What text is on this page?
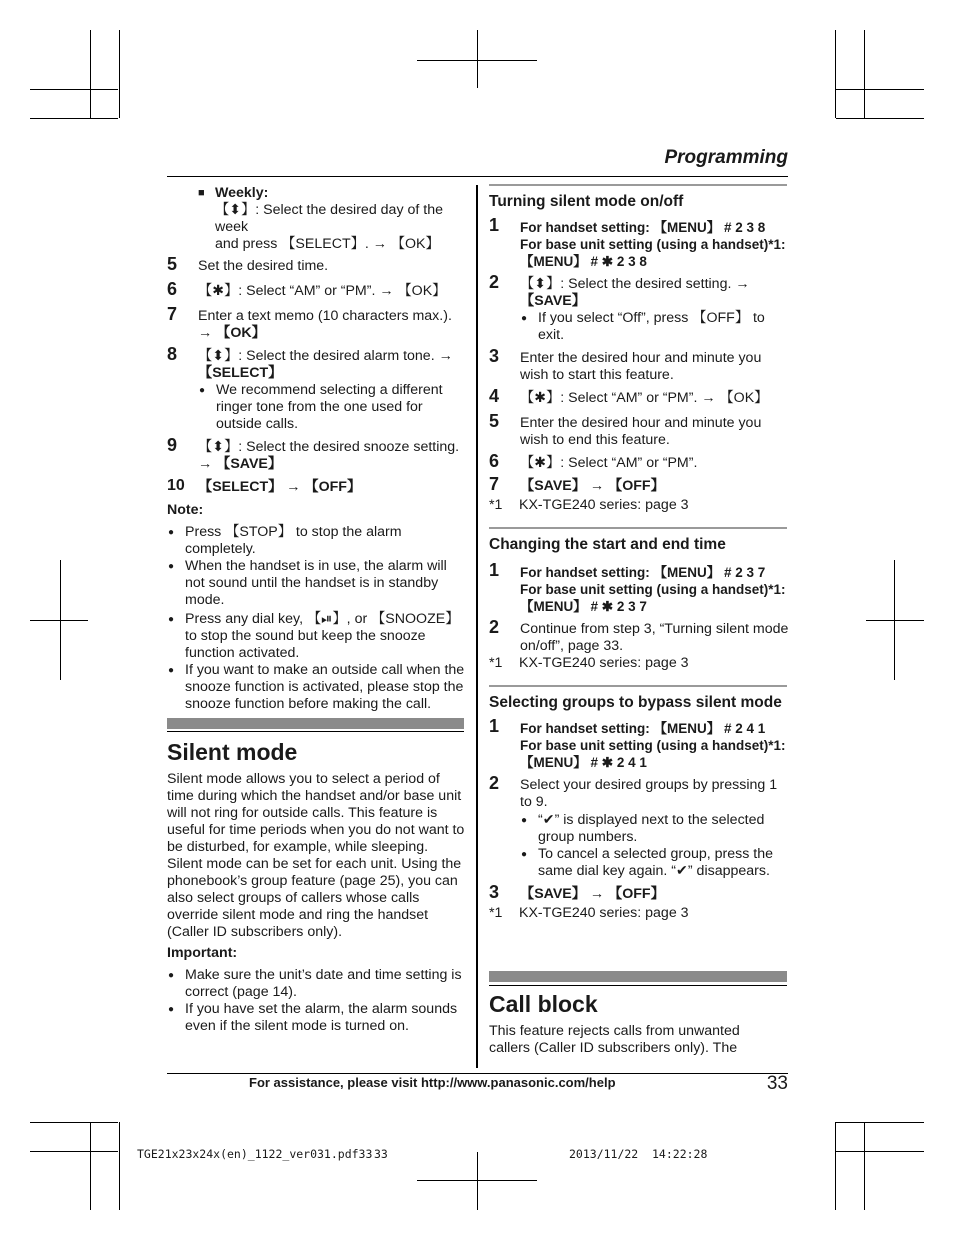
Programming
■ Weekly:
【⬍】: Select the desired day of the week
and press 【SELECT】. → 【OK】
5 Set the desired time.
6 【✱】: Select “AM” or “PM”. → 【OK】
7 Enter a text memo (10 characters max.).
→ 【OK】
8 【⬍】: Select the desired alarm tone. →
【SELECT】
● We recommend selecting a different ringer tone from the one used for outside calls.
9 【⬍】: Select the desired snooze setting.
→ 【SAVE】
10 【SELECT】 → 【OFF】
Note:
● Press 【STOP】 to stop the alarm completely.
● When the handset is in use, the alarm will not sound until the handset is in standby mode.
● Press any dial key, 【⏯】, or 【SNOOZE】 to stop the sound but keep the snooze function activated.
● If you want to make an outside call when the snooze function is activated, please stop the snooze function before making the call.
Silent mode
Silent mode allows you to select a period of time during which the handset and/or base unit will not ring for outside calls. This feature is useful for time periods when you do not want to be disturbed, for example, while sleeping. Silent mode can be set for each unit. Using the phonebook’s group feature (page 25), you can also select groups of callers whose calls override silent mode and ring the handset (Caller ID subscribers only).
Important:
● Make sure the unit’s date and time setting is correct (page 14).
● If you have set the alarm, the alarm sounds even if the silent mode is turned on.
Turning silent mode on/off
1 For handset setting: 【MENU】 # 2 3 8
For base unit setting (using a handset)*1: 【MENU】 # ✱ 2 3 8
2 【⬍】: Select the desired setting. →
【SAVE】
● If you select “Off”, press 【OFF】 to exit.
3 Enter the desired hour and minute you wish to start this feature.
4 【✱】: Select “AM” or “PM”. → 【OK】
5 Enter the desired hour and minute you wish to end this feature.
6 【✱】: Select “AM” or “PM”.
7 【SAVE】 → 【OFF】
*1 KX-TGE240 series: page 3
Changing the start and end time
1 For handset setting: 【MENU】 # 2 3 7
For base unit setting (using a handset)*1: 【MENU】 # ✱ 2 3 7
2 Continue from step 3, “Turning silent mode on/off”, page 33.
*1 KX-TGE240 series: page 3
Selecting groups to bypass silent mode
1 For handset setting: 【MENU】 # 2 4 1
For base unit setting (using a handset)*1: 【MENU】 # ✱ 2 4 1
2 Select your desired groups by pressing 1 to 9.
● “✔” is displayed next to the selected group numbers.
● To cancel a selected group, press the same dial key again. “✔” disappears.
3 【SAVE】 → 【OFF】
*1 KX-TGE240 series: page 3
Call block
This feature rejects calls from unwanted callers (Caller ID subscribers only). The
For assistance, please visit http://www.panasonic.com/help	33
TGE21x23x24x(en)_1122_ver031.pdf33 33	2013/11/22 14:22:28
